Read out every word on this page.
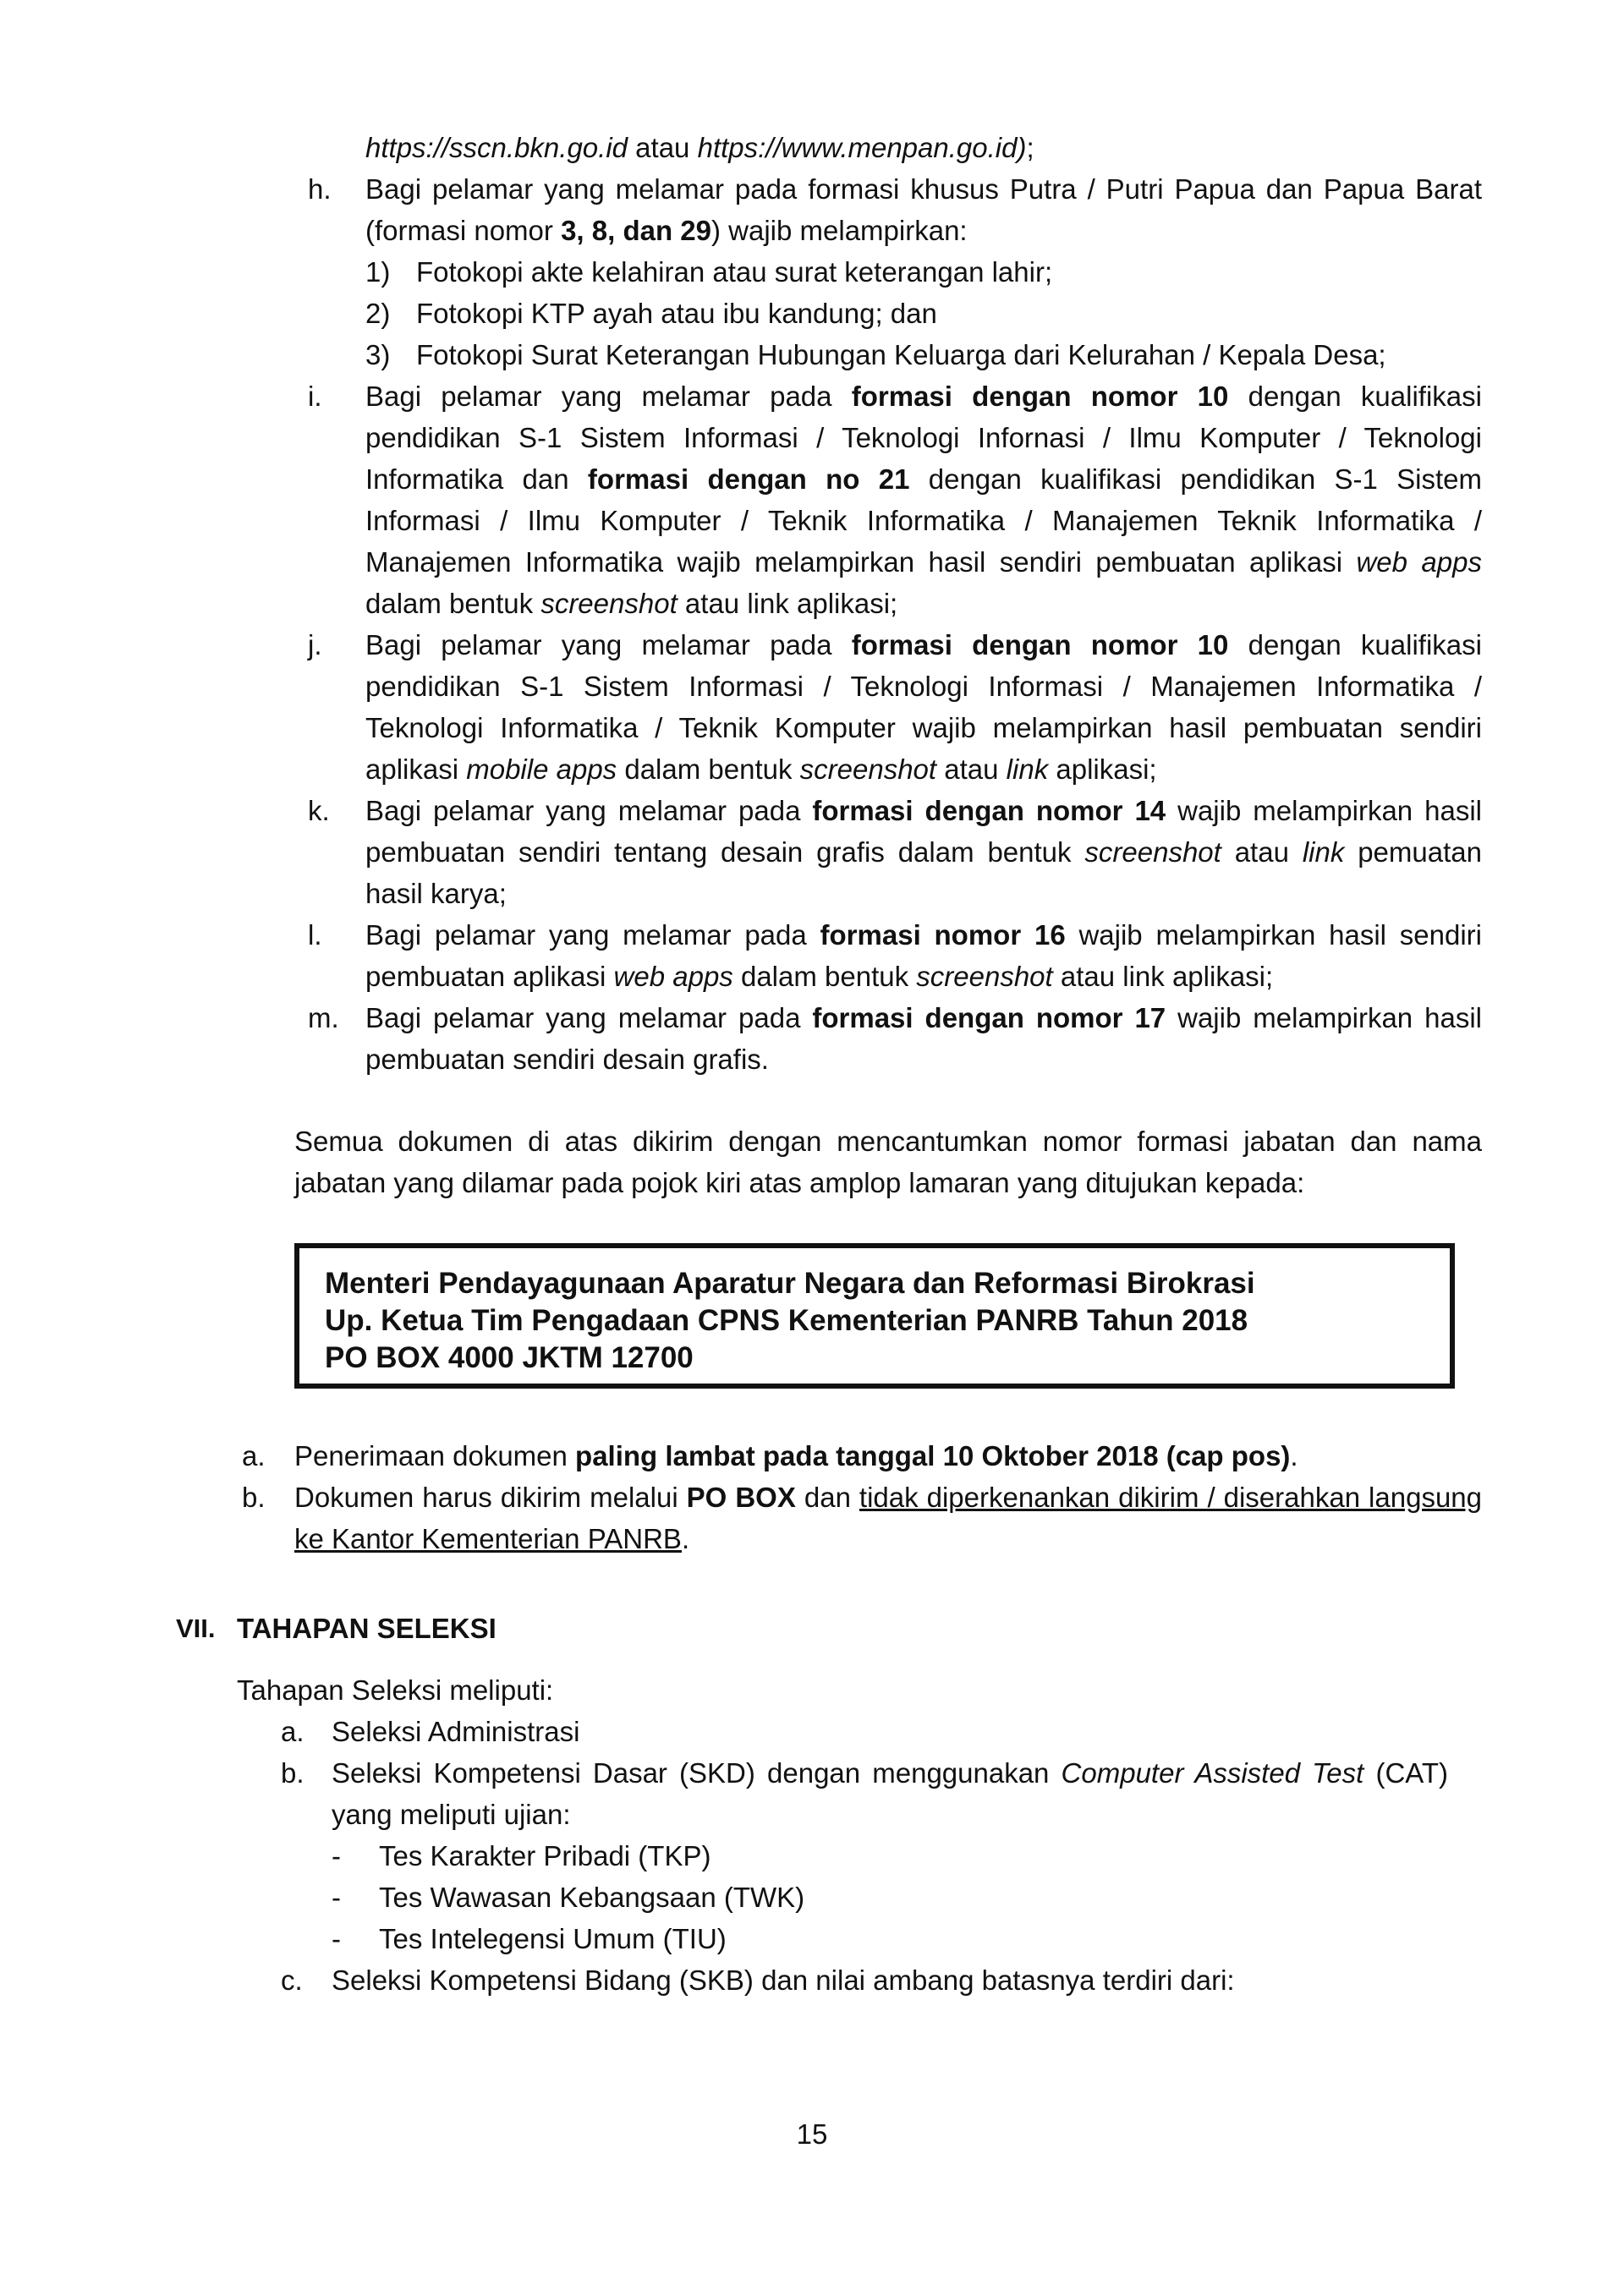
https://sscn.bkn.go.id atau https://www.menpan.go.id);
h. Bagi pelamar yang melamar pada formasi khusus Putra / Putri Papua dan Papua Barat (formasi nomor 3, 8, dan 29) wajib melampirkan:
1) Fotokopi akte kelahiran atau surat keterangan lahir;
2) Fotokopi KTP ayah atau ibu kandung; dan
3) Fotokopi Surat Keterangan Hubungan Keluarga dari Kelurahan / Kepala Desa;
i. Bagi pelamar yang melamar pada formasi dengan nomor 10 dengan kualifikasi pendidikan S-1 Sistem Informasi / Teknologi Infornasi / Ilmu Komputer / Teknologi Informatika dan formasi dengan no 21 dengan kualifikasi pendidikan S-1 Sistem Informasi / Ilmu Komputer / Teknik Informatika / Manajemen Teknik Informatika / Manajemen Informatika wajib melampirkan hasil sendiri pembuatan aplikasi web apps dalam bentuk screenshot atau link aplikasi;
j. Bagi pelamar yang melamar pada formasi dengan nomor 10 dengan kualifikasi pendidikan S-1 Sistem Informasi / Teknologi Informasi / Manajemen Informatika / Teknologi Informatika / Teknik Komputer wajib melampirkan hasil pembuatan sendiri aplikasi mobile apps dalam bentuk screenshot atau link aplikasi;
k. Bagi pelamar yang melamar pada formasi dengan nomor 14 wajib melampirkan hasil pembuatan sendiri tentang desain grafis dalam bentuk screenshot atau link pemuatan hasil karya;
l. Bagi pelamar yang melamar pada formasi nomor 16 wajib melampirkan hasil sendiri pembuatan aplikasi web apps dalam bentuk screenshot atau link aplikasi;
m. Bagi pelamar yang melamar pada formasi dengan nomor 17 wajib melampirkan hasil pembuatan sendiri desain grafis.
Semua dokumen di atas dikirim dengan mencantumkan nomor formasi jabatan dan nama jabatan yang dilamar pada pojok kiri atas amplop lamaran yang ditujukan kepada:
Menteri Pendayagunaan Aparatur Negara dan Reformasi Birokrasi
Up. Ketua Tim Pengadaan CPNS Kementerian PANRB Tahun 2018
PO BOX 4000 JKTM 12700
a. Penerimaan dokumen paling lambat pada tanggal 10 Oktober 2018 (cap pos).
b. Dokumen harus dikirim melalui PO BOX dan tidak diperkenankan dikirim / diserahkan langsung ke Kantor Kementerian PANRB.
VII. TAHAPAN SELEKSI
Tahapan Seleksi meliputi:
a. Seleksi Administrasi
b. Seleksi Kompetensi Dasar (SKD) dengan menggunakan Computer Assisted Test (CAT) yang meliputi ujian:
- Tes Karakter Pribadi (TKP)
- Tes Wawasan Kebangsaan (TWK)
- Tes Intelegensi Umum (TIU)
c. Seleksi Kompetensi Bidang (SKB) dan nilai ambang batasnya terdiri dari:
15
